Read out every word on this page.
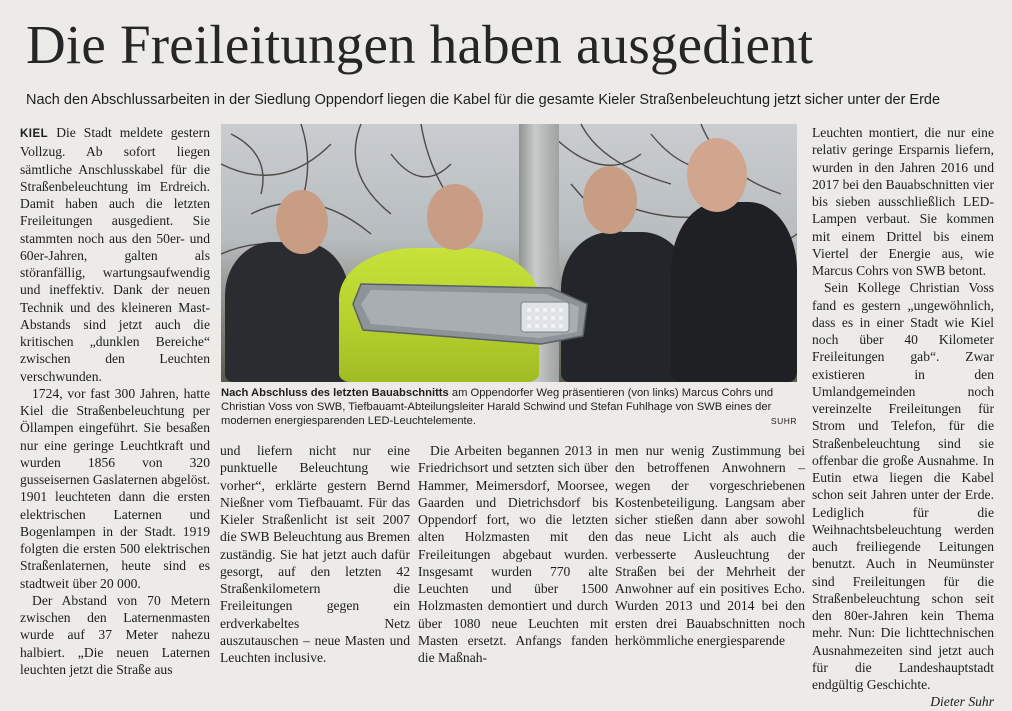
Die Freileitungen haben ausgedient
Nach den Abschlussarbeiten in der Siedlung Oppendorf liegen die Kabel für die gesamte Kieler Straßenbeleuchtung jetzt sicher unter der Erde

KIEL Die Stadt meldete gestern Vollzug. Ab sofort liegen sämtliche Anschlusskabel für die Straßenbeleuchtung im Erdreich. Damit haben auch die letzten Freileitungen ausgedient. Sie stammten noch aus den 50er- und 60er-Jahren, galten als störanfällig, wartungsaufwendig und ineffektiv. Dank der neuen Technik und des kleineren Mast-Abstands sind jetzt auch die kritischen „dunklen Bereiche“ zwischen den Leuchten verschwunden.

1724, vor fast 300 Jahren, hatte Kiel die Straßenbeleuchtung per Öllampen eingeführt. Sie besaßen nur eine geringe Leuchtkraft und wurden 1856 von 320 gusseisernen Gaslaternen abgelöst. 1901 leuchteten dann die ersten elektrischen Laternen und Bogenlampen in der Stadt. 1919 folgten die ersten 500 elektrischen Straßenlaternen, heute sind es stadtweit über 20 000.

Der Abstand von 70 Metern zwischen den Laternenmasten wurde auf 37 Meter nahezu halbiert. „Die neuen Laternen leuchten jetzt die Straße aus

Nach Abschluss des letzten Bauabschnitts am Oppendorfer Weg präsentieren (von links) Marcus Cohrs und Christian Voss von SWB, Tiefbauamt-Abteilungsleiter Harald Schwind und Stefan Fuhlhage von SWB eines der modernen energiesparenden LED-Leuchtelemente.	SUHR

und liefern nicht nur eine punktuelle Beleuchtung wie vorher“, erklärte gestern Bernd Nießner vom Tiefbauamt. Für das Kieler Straßenlicht ist seit 2007 die SWB Beleuchtung aus Bremen zuständig. Sie hat jetzt auch dafür gesorgt, auf den letzten 42 Straßenkilometern die Freileitungen gegen ein erdverkabeltes Netz auszutauschen – neue Masten und Leuchten inclusive.

Die Arbeiten begannen 2013 in Friedrichsort und setzten sich über Hammer, Meimersdorf, Moorsee, Gaarden und Dietrichsdorf bis Oppendorf fort, wo die letzten alten Holzmasten mit den Freileitungen abgebaut wurden. Insgesamt wurden 770 alte Leuchten und über 1500 Holzmasten demontiert und durch über 1080 neue Leuchten mit Masten ersetzt. Anfangs fanden die Maßnah-

men nur wenig Zustimmung bei den betroffenen Anwohnern – wegen der vorgeschriebenen Kostenbeteiligung. Langsam aber sicher stießen dann aber sowohl das neue Licht als auch die verbesserte Ausleuchtung der Straßen bei der Mehrheit der Anwohner auf ein positives Echo. Wurden 2013 und 2014 bei den ersten drei Bauabschnitten noch herkömmliche energiesparende

Leuchten montiert, die nur eine relativ geringe Ersparnis liefern, wurden in den Jahren 2016 und 2017 bei den Bauabschnitten vier bis sieben ausschließlich LED-Lampen verbaut. Sie kommen mit einem Drittel bis einem Viertel der Energie aus, wie Marcus Cohrs von SWB betont.

Sein Kollege Christian Voss fand es gestern „ungewöhnlich, dass es in einer Stadt wie Kiel noch über 40 Kilometer Freileitungen gab“. Zwar existieren in den Umlandgemeinden noch vereinzelte Freileitungen für Strom und Telefon, für die Straßenbeleuchtung sind sie offenbar die große Ausnahme. In Eutin etwa liegen die Kabel schon seit Jahren unter der Erde. Lediglich für die Weihnachtsbeleuchtung werden auch freiliegende Leitungen benutzt. Auch in Neumünster sind Freileitungen für die Straßenbeleuchtung schon seit den 80er-Jahren kein Thema mehr. Nun: Die lichttechnischen Ausnahmezeiten sind jetzt auch für die Landeshauptstadt endgültig Geschichte.
Dieter Suhr
